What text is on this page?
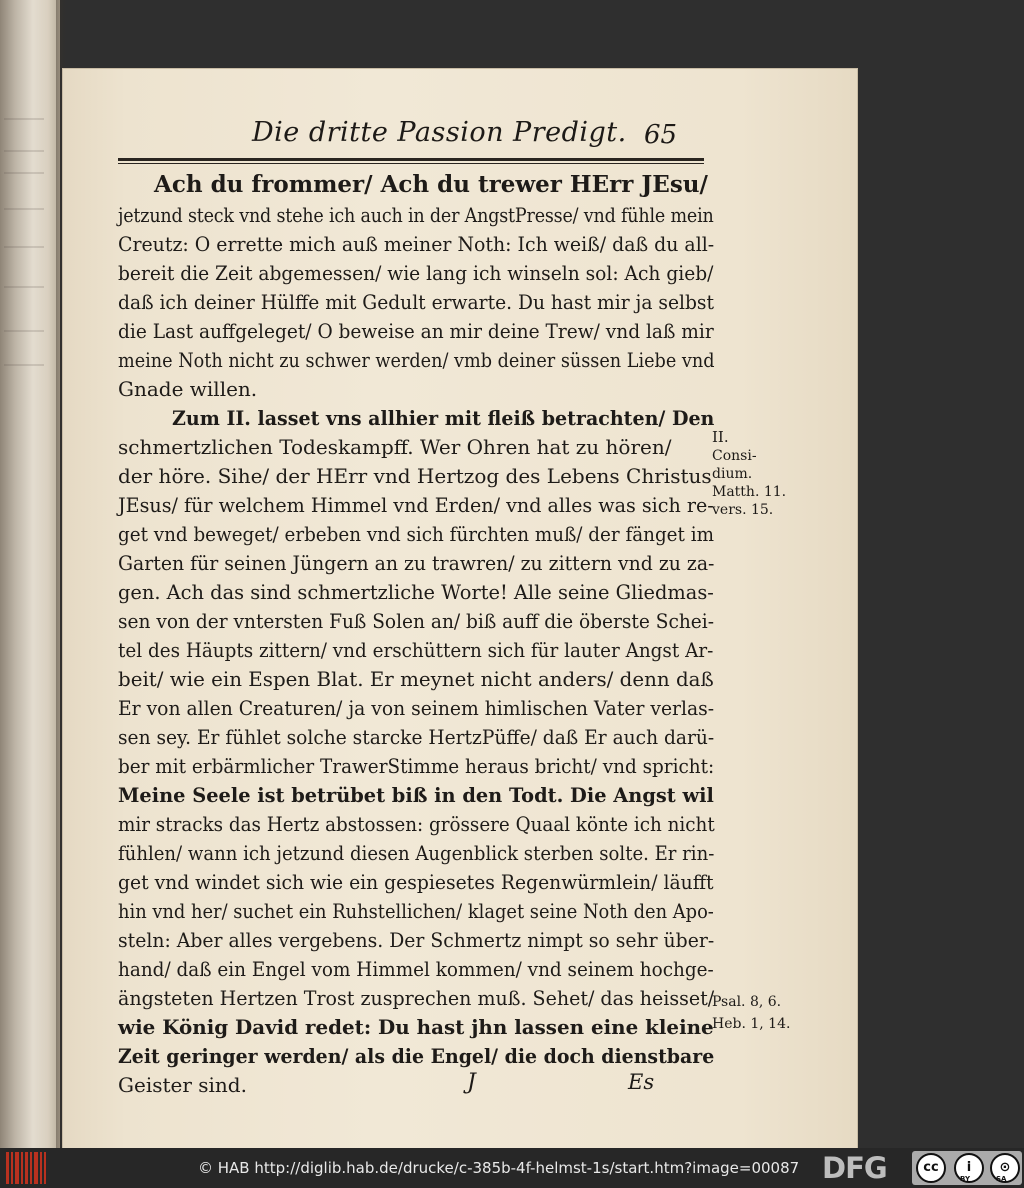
Die dritte Passion Predigt. 65
Ach du frommer/ Ach du trewer HErr JEsu/
jetzund steck vnd stehe ich auch in der AngstPresse/ vnd fühle mein
Creutz: O errette mich auß meiner Noth: Ich weiß/ daß du all-
bereit die Zeit abgemessen/ wie lang ich winseln sol: Ach gieb/
daß ich deiner Hülffe mit Gedult erwarte. Du hast mir ja selbst
die Last auffgeleget/ O beweise an mir deine Trew/ vnd laß mir
meine Noth nicht zu schwer werden/ vmb deiner süssen Liebe vnd
Gnade willen.
Zum II. lasset vns allhier mit fleiß betrachten/ Den
schmertzlichen Todeskampff. Wer Ohren hat zu hören/
der höre. Sihe/ der HErr vnd Hertzog des Lebens Christus
JEsus/ für welchem Himmel vnd Erden/ vnd alles was sich re-
get vnd beweget/ erbeben vnd sich fürchten muß/ der fänget im
Garten für seinen Jüngern an zu trawren/ zu zittern vnd zu za-
gen. Ach das sind schmertzliche Worte! Alle seine Gliedmas-
sen von der vntersten Fuß Solen an/ biß auff die öberste Schei-
tel des Häupts zittern/ vnd erschüttern sich für lauter Angst Ar-
beit/ wie ein Espen Blat. Er meynet nicht anders/ denn daß
Er von allen Creaturen/ ja von seinem himlischen Vater verlas-
sen sey. Er fühlet solche starcke HertzPüffe/ daß Er auch darü-
ber mit erbärmlicher TrawerStimme heraus bricht/ vnd spricht:
Meine Seele ist betrübet biß in den Todt. Die Angst wil
mir stracks das Hertz abstossen: grössere Quaal könte ich nicht
fühlen/ wann ich jetzund diesen Augenblick sterben solte. Er rin-
get vnd windet sich wie ein gespiesetes Regenwürmlein/ läufft
hin vnd her/ suchet ein Ruhstellichen/ klaget seine Noth den Apo-
steln: Aber alles vergebens. Der Schmertz nimpt so sehr über-
hand/ daß ein Engel vom Himmel kommen/ vnd seinem hochge-
ängsteten Hertzen Trost zusprechen muß. Sehet/ das heisset/
wie König David redet: Du hast jhn lassen eine kleine
Zeit geringer werden/ als die Engel/ die doch dienstbare
Geister sind.
II.
Consi-
dium.
Matth. 11.
vers. 15.
Psal. 8, 6.
Heb. 1, 14.
J	Es
© HAB http://diglib.hab.de/drucke/c-385b-4f-helmst-1s/start.htm?image=00087 DFG	cc	i	⊙
BY	SA
